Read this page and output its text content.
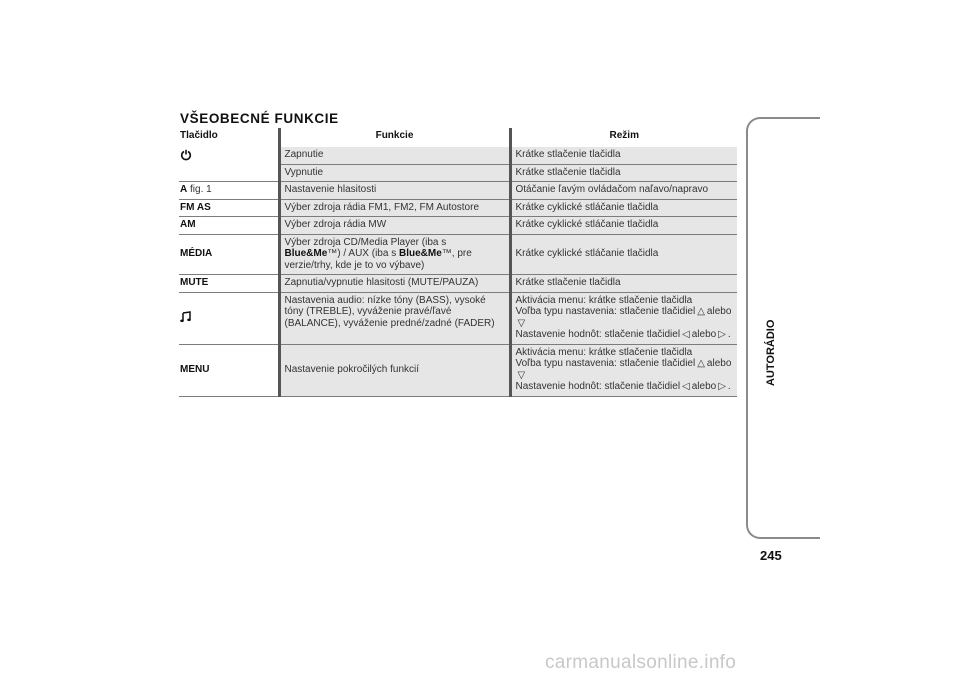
VŠEOBECNÉ FUNKCIE
Tlačidlo	Funkcie	Režim
	Zapnutie	Krátke stlačenie tlačidla
	Vypnutie	Krátke stlačenie tlačidla
A fig. 1	Nastavenie hlasitosti	Otáčanie ľavým ovládačom naľavo/napravo
FM AS	Výber zdroja rádia FM1, FM2, FM Autostore	Krátke cyklické stláčanie tlačidla
AM	Výber zdroja rádia MW	Krátke cyklické stláčanie tlačidla
MÉDIA	Výber zdroja CD/Media Player (iba s Blue&Me™) / AUX (iba s Blue&Me™, pre verzie/trhy, kde je to vo výbave)	Krátke cyklické stláčanie tlačidla
MUTE	Zapnutia/vypnutie hlasitosti (MUTE/PAUZA)	Krátke stlačenie tlačidla
	Nastavenia audio: nízke tóny (BASS), vysoké tóny (TREBLE), vyváženie pravé/ľavé (BALANCE), vyváženie predné/zadné (FADER)	Aktivácia menu: krátke stlačenie tlačidla
Voľba typu nastavenia: stlačenie tlačidiel △ alebo▽
Nastavenie hodnôt: stlačenie tlačidiel ◁ alebo ▷ .

MENU	Nastavenie pokročilých funkcií	Aktivácia menu: krátke stlačenie tlačidla
Voľba typu nastavenia: stlačenie tlačidiel △ alebo▽
Nastavenie hodnôt: stlačenie tlačidiel ◁ alebo ▷ .
AUTORÁDIO
245
carmanualsonline.info
